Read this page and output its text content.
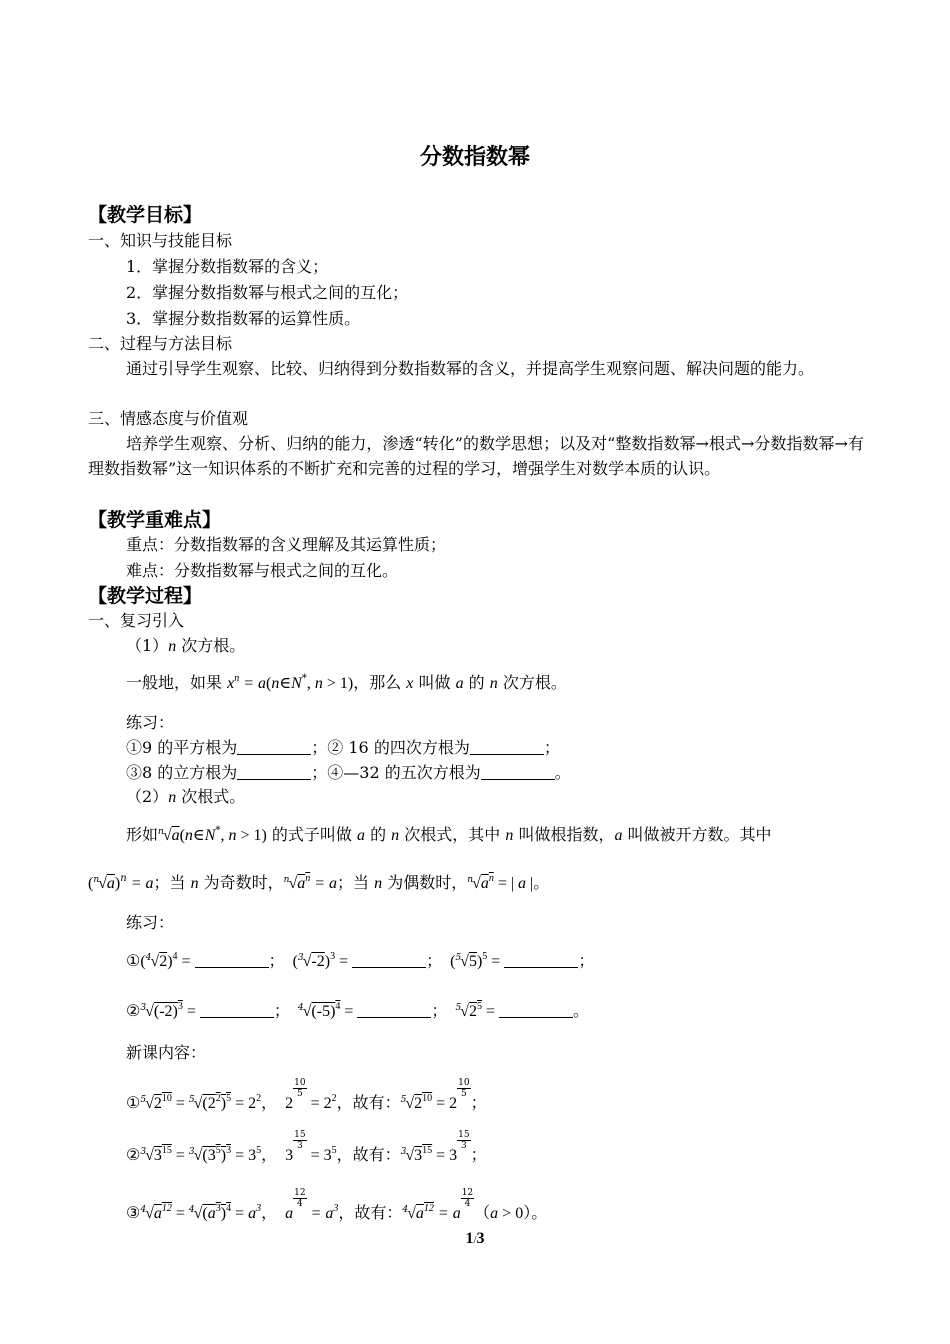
分数指数幂
【教学目标】
一、知识与技能目标
1．掌握分数指数幂的含义；
2．掌握分数指数幂与根式之间的互化；
3．掌握分数指数幂的运算性质。
二、过程与方法目标
通过引导学生观察、比较、归纳得到分数指数幂的含义，并提高学生观察问题、解决问题的能力。
三、情感态度与价值观
培养学生观察、分析、归纳的能力，渗透“转化”的数学思想；以及对“整数指数幂→根式→分数指数幂→有理数指数幂”这一知识体系的不断扩充和完善的过程的学习，增强学生对数学本质的认识。
【教学重难点】
重点：分数指数幂的含义理解及其运算性质；
难点：分数指数幂与根式之间的互化。
【教学过程】
一、复习引入
（1）n 次方根。
一般地，如果 $x^n$ = a(n∈N*, n > 1)，那么 x 叫做 a 的 n 次方根。
练习：
①9 的平方根为	；② 16 的四次方根为	；
③8 的立方根为	；④—32 的五次方根为	。
（2）n 次根式。
形如$^n$√a(n∈N*, n > 1) 的式子叫做 a 的 n 次根式，其中 n 叫做根指数，a 叫做被开方数。其中
$(^n√a)^n = a$；当 n 为奇数时，$^n√a^n = a$；当 n 为偶数时，$^n√a^n$ = | a |。
练习：
$①(^4√2)^4$ =	；　$(^3√-2)^3$ =	；　$(^5√5)^5$ =	；
$②^3√(-2)^3$ =	；　$^4√(-5)^4$ =	；　$^5√2^5$ =	。
新课内容：
$①^5√2^{10} = ^5√(2^2)^5 = 2^2$，　2
$\frac{10}{5}$
= $2^2$，故有：$^5√2^{10} = 2$
$\frac{10}{5}$
；
$②^3√3^{15} = ^3√(3^5)^3 = 3^5$，　3
$\frac{15}{3}$
= $3^5$，故有：$^3√3^{15} = 3$
$\frac{15}{3}$
；
$③^4√a^{12} = ^4√(a^3)^4 = a^3$，　a
$\frac{12}{4}$
= $a^3$，故有：$^4√a^{12} = a$
$\frac{12}{4}$
（a > 0）。
1/3
